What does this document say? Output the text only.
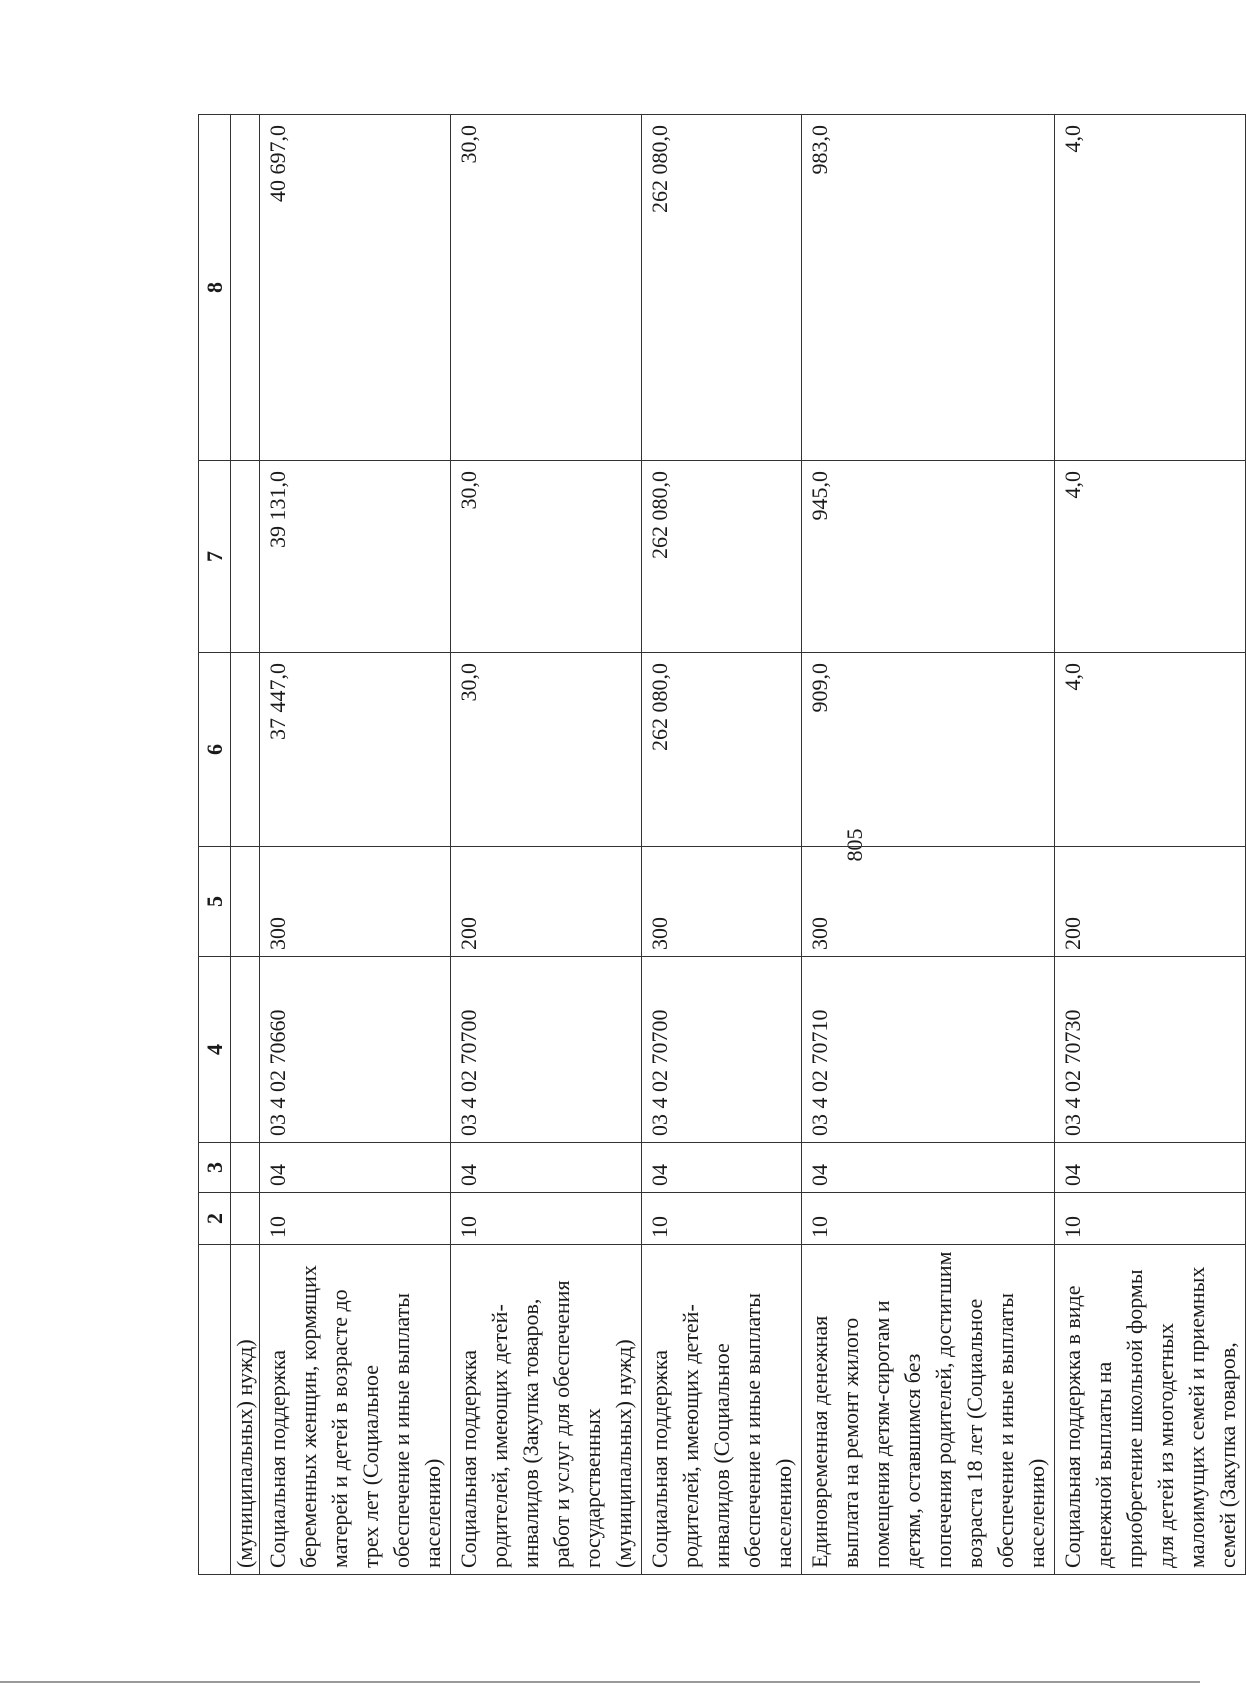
805
	2	3	4	5	6	7	8
(муниципальных) нужд)							
Социальная поддержка беременных женщин, кормящих матерей и детей в возрасте до трех лет (Социальное обеспечение и иные выплаты населению)	10	04	03 4 02 70660	300	37 447,0	39 131,0	40 697,0
Социальная поддержка родителей, имеющих детей-инвалидов (Закупка товаров, работ и услуг для обеспечения государственных (муниципальных) нужд)	10	04	03 4 02 70700	200	30,0	30,0	30,0
Социальная поддержка родителей, имеющих детей-инвалидов (Социальное обеспечение и иные выплаты населению)	10	04	03 4 02 70700	300	262 080,0	262 080,0	262 080,0
Единовременная денежная выплата на ремонт жилого помещения детям-сиротам и детям, оставшимся без попечения родителей, достигшим возраста 18 лет (Социальное обеспечение и иные выплаты населению)	10	04	03 4 02 70710	300	909,0	945,0	983,0
Социальная поддержка в виде денежной выплаты на приобретение школьной формы для детей из многодетных малоимущих семей и приемных семей (Закупка товаров,	10	04	03 4 02 70730	200	4,0	4,0	4,0
